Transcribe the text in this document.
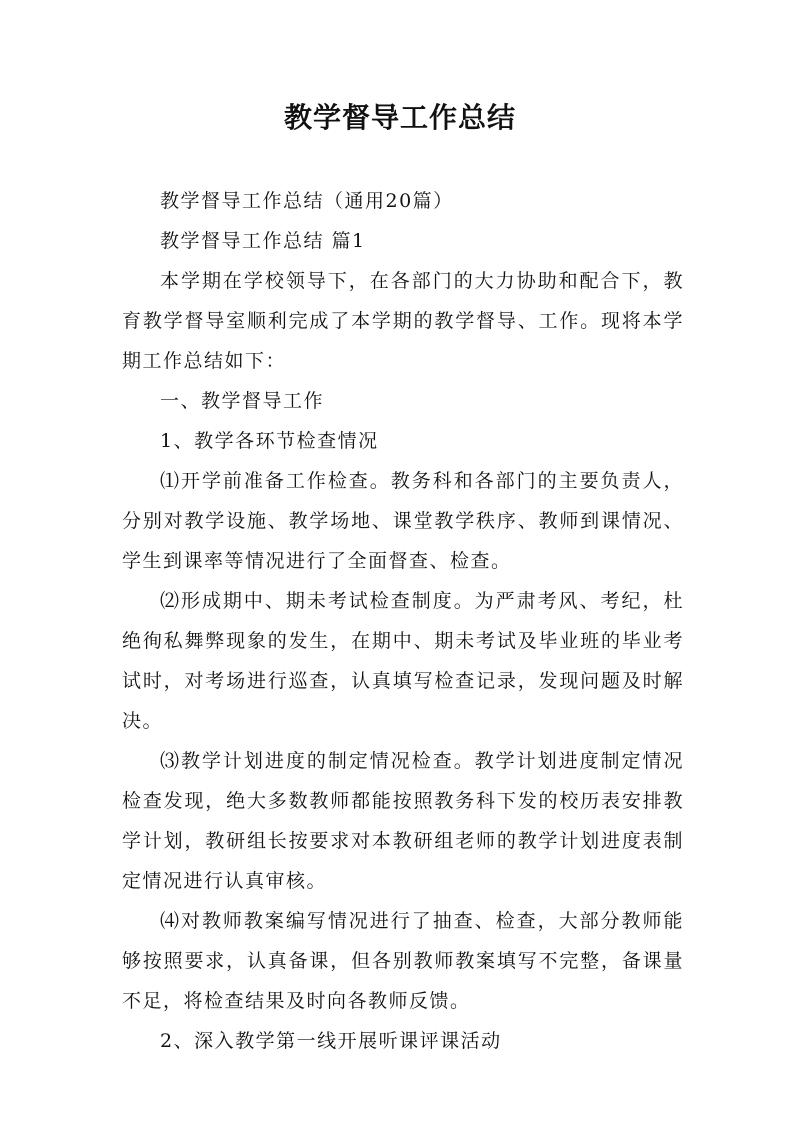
教学督导工作总结

教学督导工作总结（通用20篇）

教学督导工作总结 篇1

本学期在学校领导下，在各部门的大力协助和配合下，教育教学督导室顺利完成了本学期的教学督导、工作。现将本学期工作总结如下：

一、教学督导工作

1、教学各环节检查情况

⑴开学前准备工作检查。教务科和各部门的主要负责人，分别对教学设施、教学场地、课堂教学秩序、教师到课情况、学生到课率等情况进行了全面督查、检查。

⑵形成期中、期未考试检查制度。为严肃考风、考纪，杜绝徇私舞弊现象的发生，在期中、期未考试及毕业班的毕业考试时，对考场进行巡查，认真填写检查记录，发现问题及时解决。

⑶教学计划进度的制定情况检查。教学计划进度制定情况检查发现，绝大多数教师都能按照教务科下发的校历表安排教学计划，教研组长按要求对本教研组老师的教学计划进度表制定情况进行认真审核。

⑷对教师教案编写情况进行了抽查、检查，大部分教师能够按照要求，认真备课，但各别教师教案填写不完整，备课量不足，将检查结果及时向各教师反馈。

2、深入教学第一线开展听课评课活动
